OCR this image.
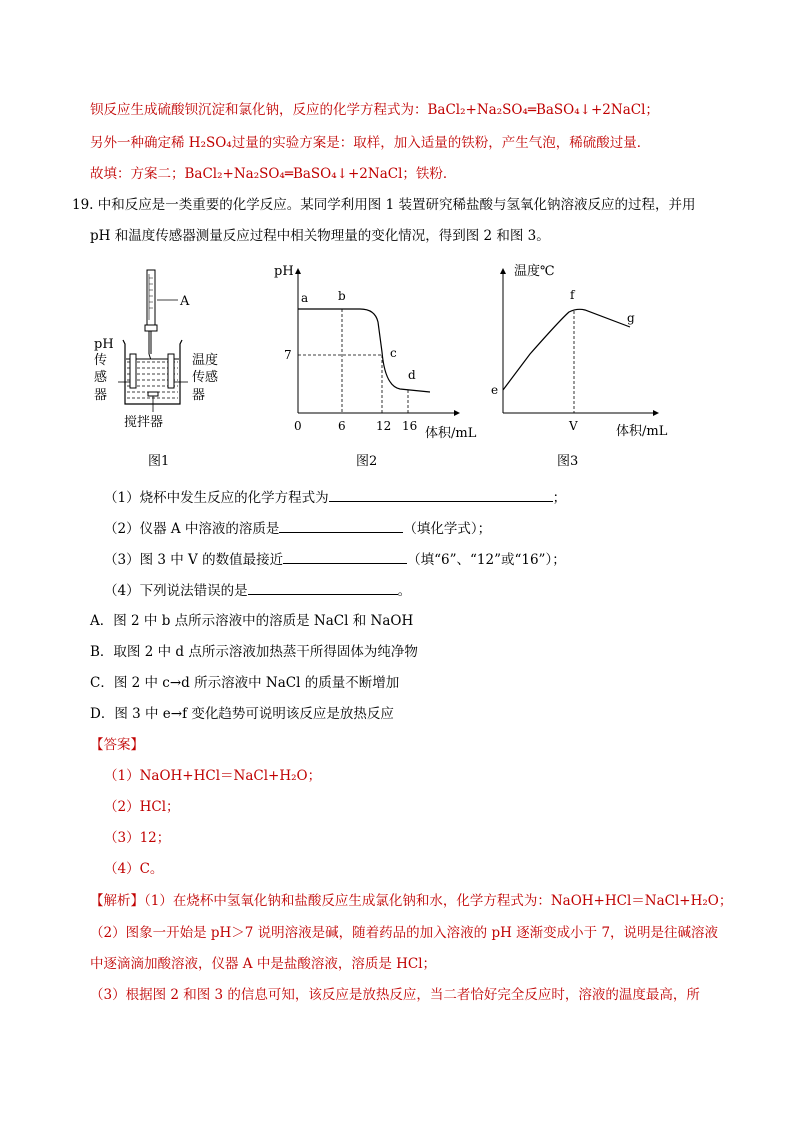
钡反应生成硫酸钡沉淀和氯化钠，反应的化学方程式为：BaCl₂+Na₂SO₄═BaSO₄↓+2NaCl；
另外一种确定稀 H₂SO₄过量的实验方案是：取样，加入适量的铁粉，产生气泡，稀硫酸过量．
故填：方案二；BaCl₂+Na₂SO₄═BaSO₄↓+2NaCl；铁粉．
19. 中和反应是一类重要的化学反应。某同学利用图 1 装置研究稀盐酸与氢氧化钠溶液反应的过程，并用
pH 和温度传感器测量反应过程中相关物理量的变化情况，得到图 2 和图 3。
A
pH
传
感
器
温度
传感
器
搅拌器
图1
pH
体积/mL
7
0	6	12 16
a b
c
d
图2
温度℃
体积/mL
e
f
g
V
图3
（1）烧杯中发生反应的化学方程式为	；
（2）仪器 A 中溶液的溶质是	（填化学式）；
（3）图 3 中 V 的数值最接近	（填“6”、“12”或“16”）；
（4）下列说法错误的是	。
A．图 2 中 b 点所示溶液中的溶质是 NaCl 和 NaOH
B．取图 2 中 d 点所示溶液加热蒸干所得固体为纯净物
C．图 2 中 c→d 所示溶液中 NaCl 的质量不断增加
D．图 3 中 e→f 变化趋势可说明该反应是放热反应
【答案】
（1）NaOH+HCl＝NaCl+H₂O；
（2）HCl；
（3）12；
（4）C。
【解析】（1）在烧杯中氢氧化钠和盐酸反应生成氯化钠和水，化学方程式为：NaOH+HCl＝NaCl+H₂O；
（2）图象一开始是 pH＞7 说明溶液是碱，随着药品的加入溶液的 pH 逐渐变成小于 7，说明是往碱溶液
中逐滴滴加酸溶液，仪器 A 中是盐酸溶液，溶质是 HCl；
（3）根据图 2 和图 3 的信息可知，该反应是放热反应，当二者恰好完全反应时，溶液的温度最高，所
